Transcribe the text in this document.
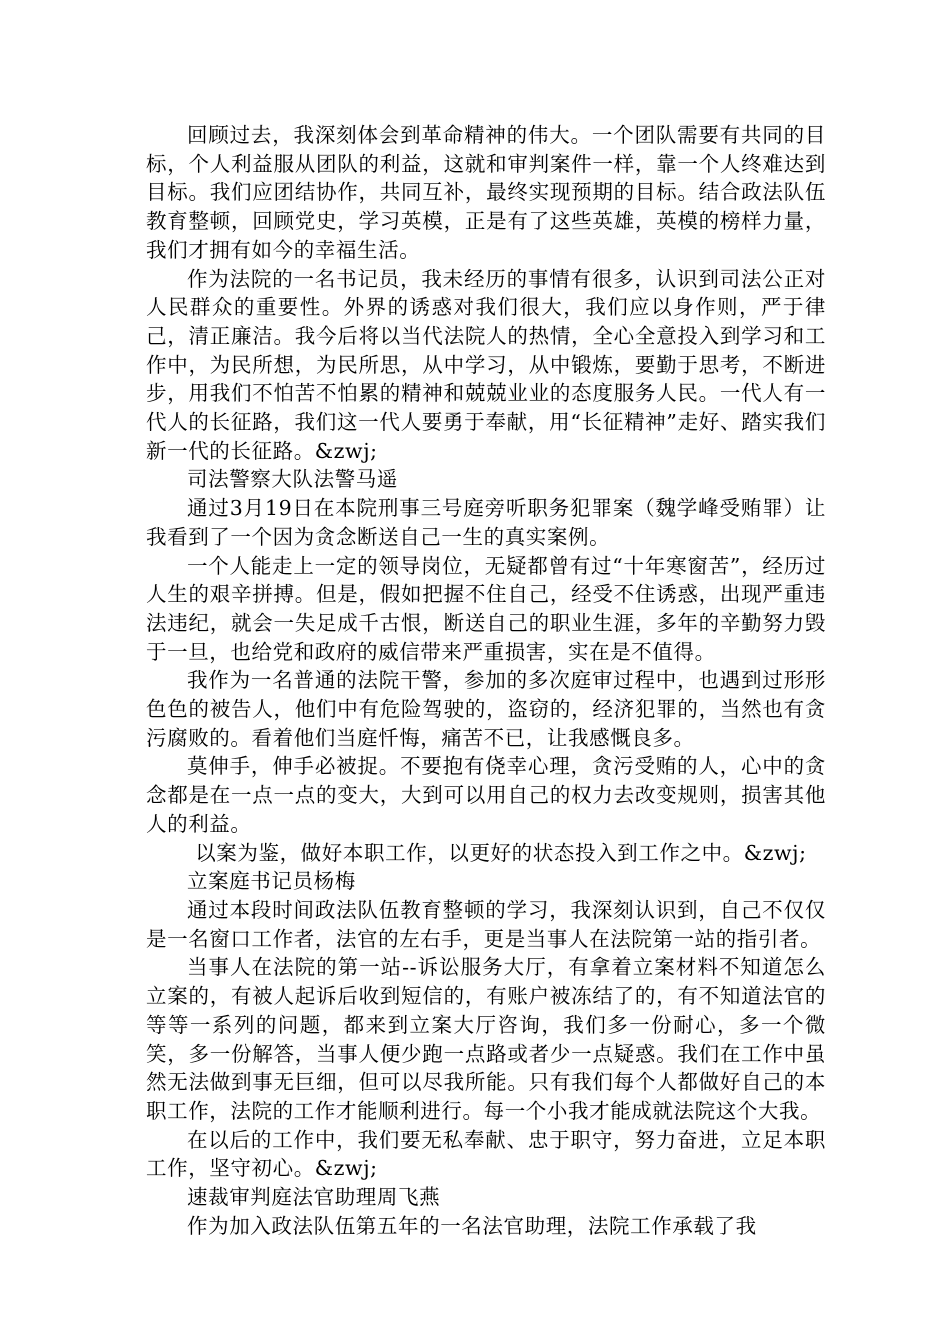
回顾过去，我深刻体会到革命精神的伟大。一个团队需要有共同的目标，个人利益服从团队的利益，这就和审判案件一样，靠一个人终难达到目标。我们应团结协作，共同互补，最终实现预期的目标。结合政法队伍教育整顿，回顾党史，学习英模，正是有了这些英雄，英模的榜样力量，我们才拥有如今的幸福生活。

作为法院的一名书记员，我未经历的事情有很多，认识到司法公正对人民群众的重要性。外界的诱惑对我们很大，我们应以身作则，严于律己，清正廉洁。我今后将以当代法院人的热情，全心全意投入到学习和工作中，为民所想，为民所思，从中学习，从中锻炼，要勤于思考，不断进步，用我们不怕苦不怕累的精神和兢兢业业的态度服务人民。一代人有一代人的长征路，我们这一代人要勇于奉献，用“长征精神”走好、踏实我们新一代的长征路。&zwj;

司法警察大队法警马遥

通过3月19日在本院刑事三号庭旁听职务犯罪案（魏学峰受贿罪）让我看到了一个因为贪念断送自己一生的真实案例。

一个人能走上一定的领导岗位，无疑都曾有过“十年寒窗苦”，经历过人生的艰辛拼搏。但是，假如把握不住自己，经受不住诱惑，出现严重违法违纪，就会一失足成千古恨，断送自己的职业生涯，多年的辛勤努力毁于一旦，也给党和政府的威信带来严重损害，实在是不值得。

我作为一名普通的法院干警，参加的多次庭审过程中，也遇到过形形色色的被告人，他们中有危险驾驶的，盗窃的，经济犯罪的，当然也有贪污腐败的。看着他们当庭忏悔，痛苦不已，让我感慨良多。

莫伸手，伸手必被捉。不要抱有侥幸心理，贪污受贿的人，心中的贪念都是在一点一点的变大，大到可以用自己的权力去改变规则，损害其他人的利益。

以案为鉴，做好本职工作，以更好的状态投入到工作之中。&zwj;

立案庭书记员杨梅

通过本段时间政法队伍教育整顿的学习，我深刻认识到，自己不仅仅是一名窗口工作者，法官的左右手，更是当事人在法院第一站的指引者。

当事人在法院的第一站--诉讼服务大厅，有拿着立案材料不知道怎么立案的，有被人起诉后收到短信的，有账户被冻结了的，有不知道法官的等等一系列的问题，都来到立案大厅咨询，我们多一份耐心，多一个微笑，多一份解答，当事人便少跑一点路或者少一点疑惑。我们在工作中虽然无法做到事无巨细，但可以尽我所能。只有我们每个人都做好自己的本职工作，法院的工作才能顺利进行。每一个小我才能成就法院这个大我。

在以后的工作中，我们要无私奉献、忠于职守，努力奋进，立足本职工作，坚守初心。&zwj;

速裁审判庭法官助理周飞燕

作为加入政法队伍第五年的一名法官助理，法院工作承载了我
